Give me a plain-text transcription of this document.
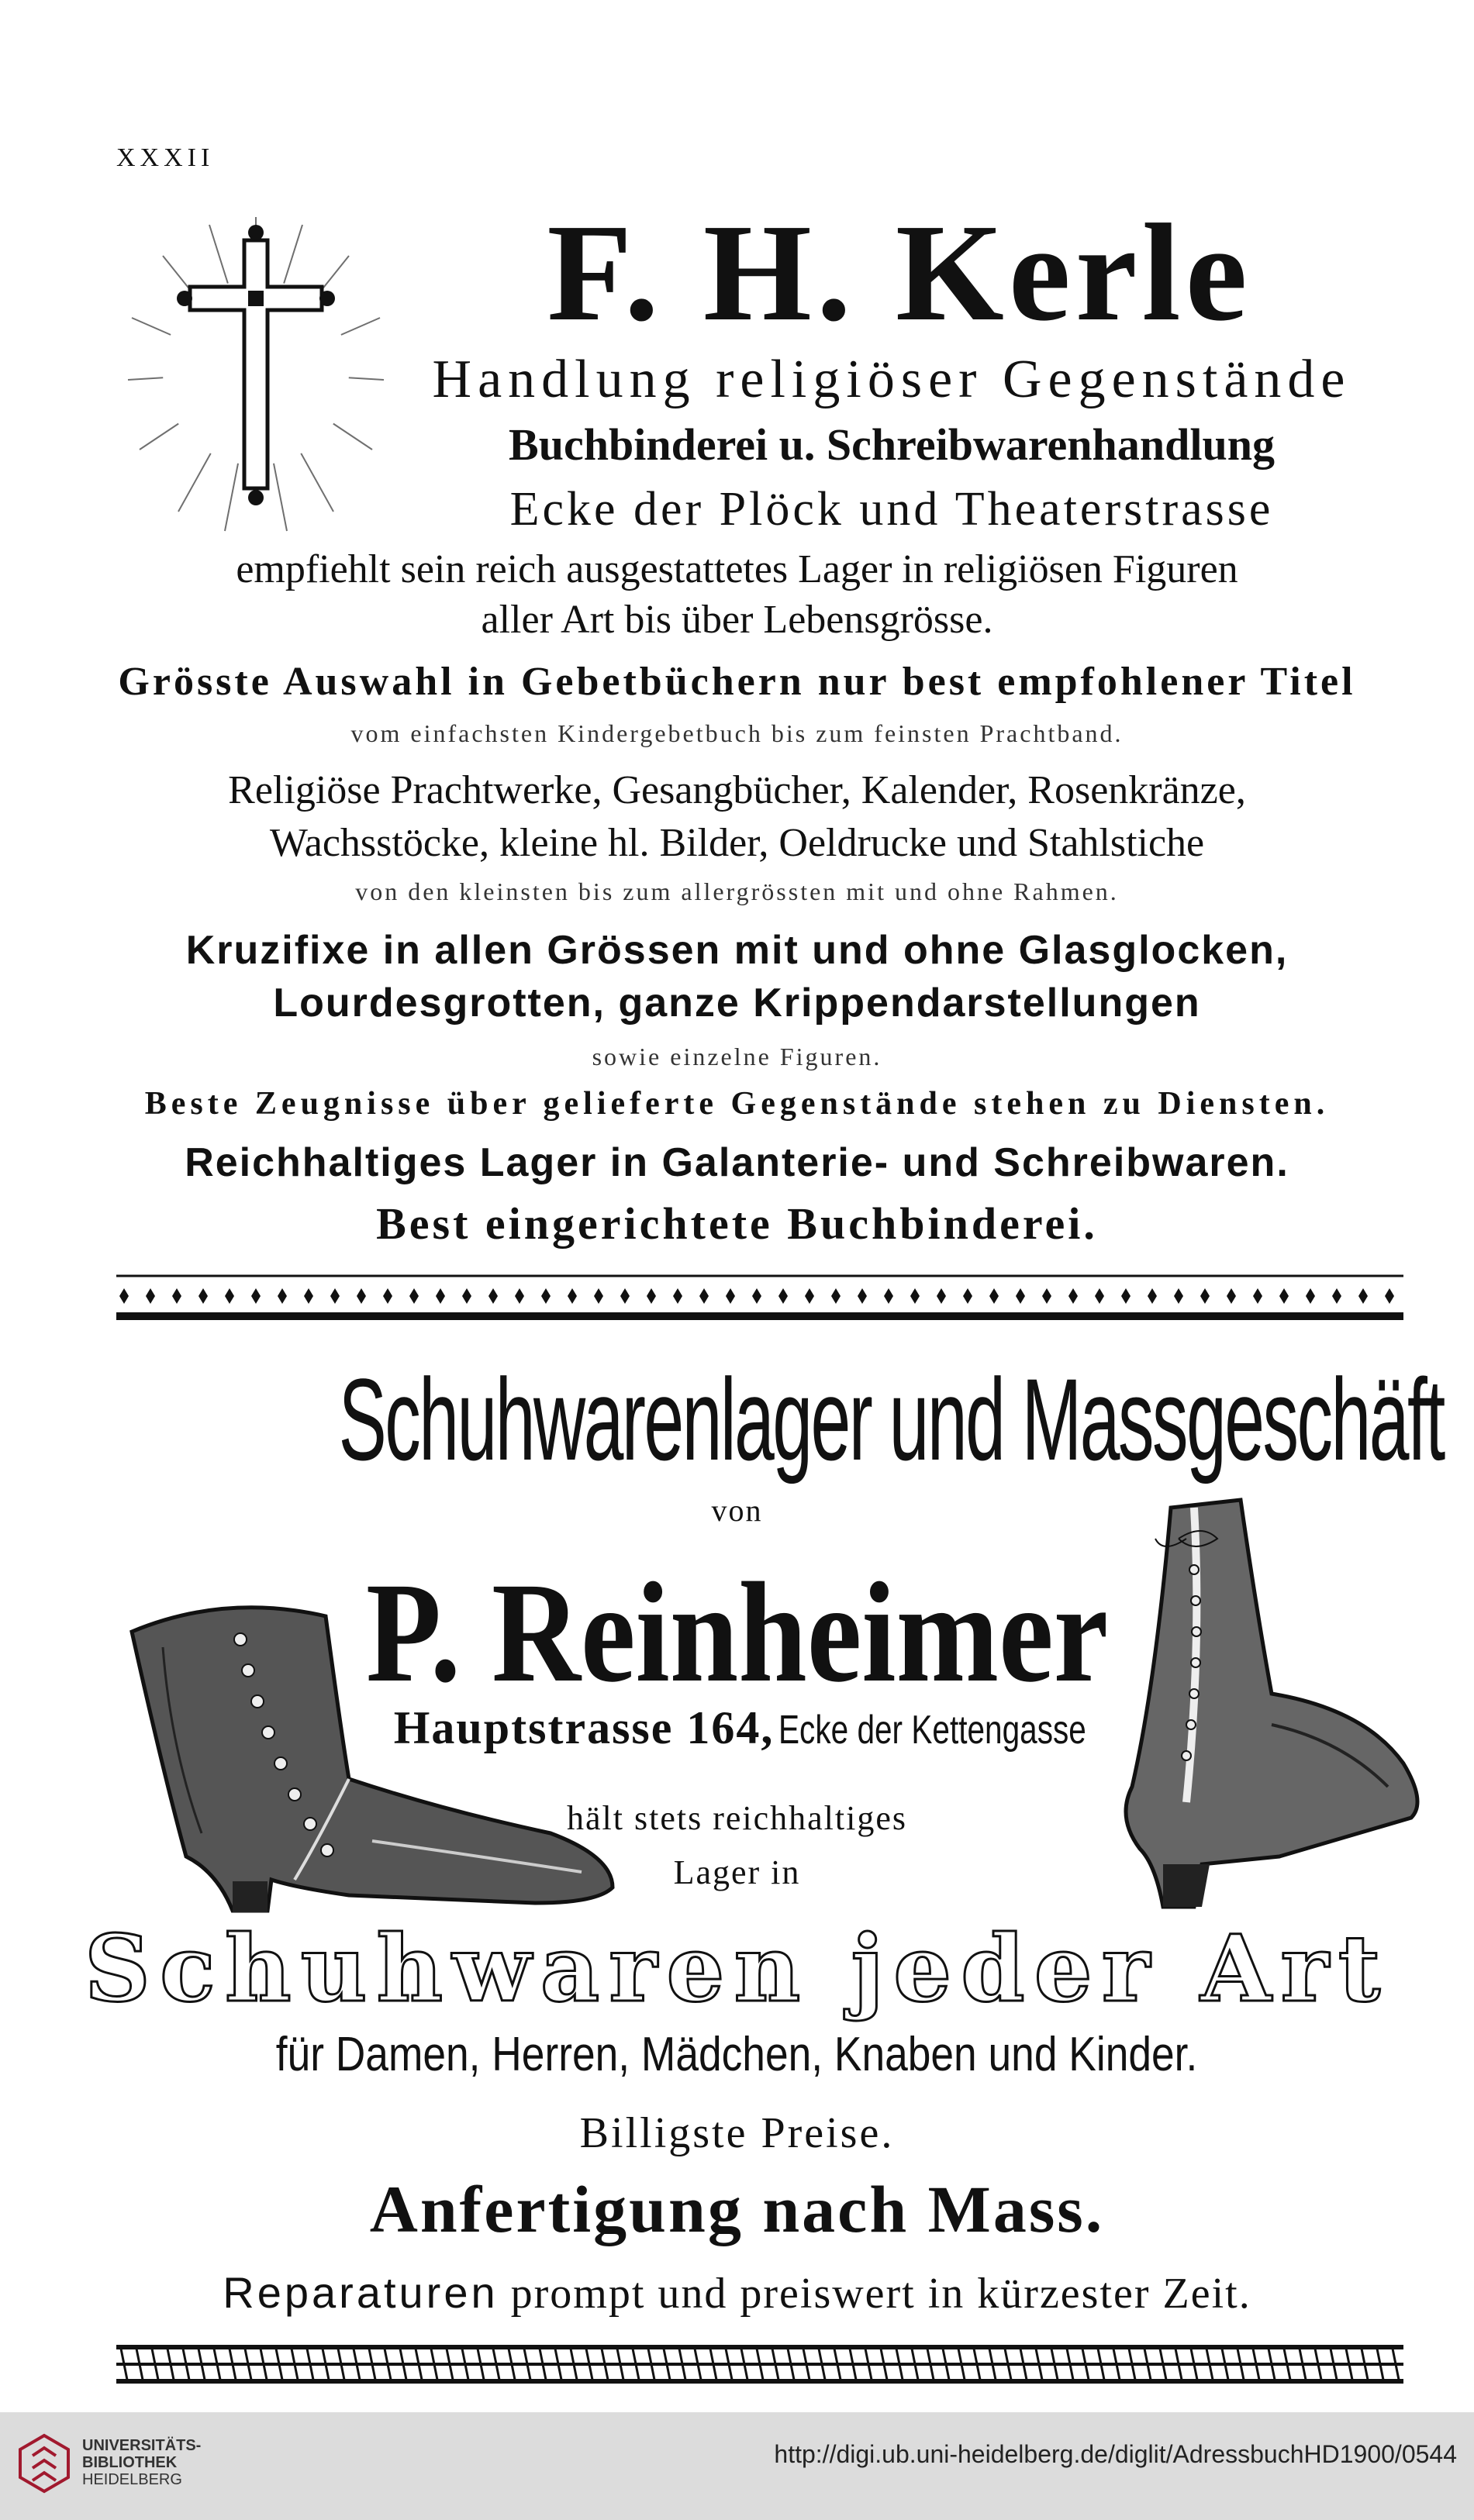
XXXII
F. H. Kerle
Handlung religiöser Gegenstände
Buchbinderei u. Schreibwarenhandlung
Ecke der Plöck und Theaterstrasse
empfiehlt sein reich ausgestattetes Lager in religiösen Figuren
aller Art bis über Lebensgrösse.
Grösste Auswahl in Gebetbüchern nur best empfohlener Titel
vom einfachsten Kindergebetbuch bis zum feinsten Prachtband.
Religiöse Prachtwerke, Gesangbücher, Kalender, Rosenkränze,
Wachsstöcke, kleine hl. Bilder, Oeldrucke und Stahlstiche
von den kleinsten bis zum allergrössten mit und ohne Rahmen.
Kruzifixe in allen Grössen mit und ohne Glasglocken,
Lourdesgrotten, ganze Krippendarstellungen
sowie einzelne Figuren.
Beste Zeugnisse über gelieferte Gegenstände stehen zu Diensten.
Reichhaltiges Lager in Galanterie- und Schreibwaren.
Best eingerichtete Buchbinderei.
Schuhwarenlager und Massgeschäft
von
P. Reinheimer
Hauptstrasse 164, Ecke der Kettengasse
hält stets reichhaltiges
Lager in
Schuhwaren jeder Art
für Damen, Herren, Mädchen, Knaben und Kinder.
Billigste Preise.
Anfertigung nach Mass.
Reparaturen prompt und preiswert in kürzester Zeit.
UNIVERSITÄTS-
BIBLIOTHEK
HEIDELBERG
http://digi.ub.uni-heidelberg.de/diglit/AdressbuchHD1900/0544
